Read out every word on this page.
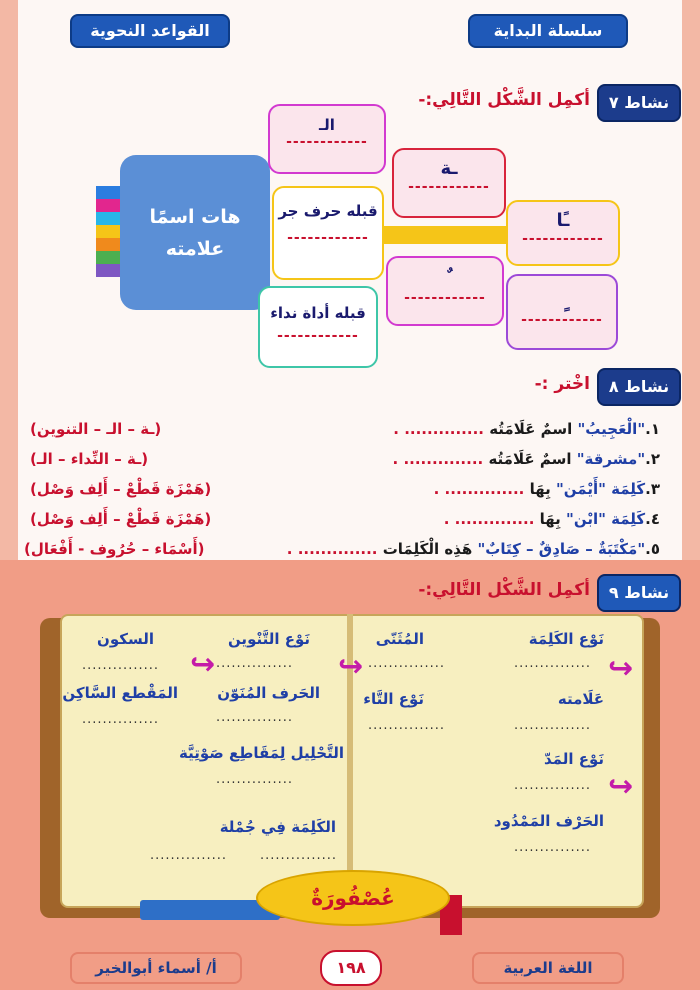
سلسلة البداية
القواعد النحوية
نشاط ٧
أكمِل الشَّكْل التَّالِي:-
هات اسمًا علامته
الـ
------------
قبله حرف جر
------------
قبله أداة نداء
------------
ـة
------------
------------
ـًا
------------
------------
نشاط ٨
اخْتر :-
١."الْعَجِيبُ" اسمٌ عَلَامَتُه .............. .
(ـة – الـ – التنوين)
٢."مشرقة" اسمٌ عَلَامَتُه .............. .
(ـة – النِّداء – الـ)
٣.كَلِمَة "أَيْمَن" بِهَا .............. .
(هَمْزَة قَطْعْ – أَلِف وَصْل)
٤.كَلِمَة "ابْن" بِهَا .............. .
(هَمْزَة قَطْعْ – أَلِف وَصْل)
٥."مَكْتَبَةٌ – صَادِقٌ – كِتَابٌ" هَذِه الْكَلِمَات .............. .
(أَسْمَاء – حُرُوف - أَفْعَال)
نشاط ٩
أكمِل الشَّكْل التَّالِي:-
نَوْع الكَلِمَة
............... ↪
عَلَامته
...............
نَوْع المَدّ
............... ↪
الحَرْف المَمْدُود
...............
المُثَنّى
...............
↪
نَوْع التَّاء
...............
نَوْع التَّنْوين
...............
↪
الحَرف المُنَوّن
...............
التَّحْلِيل لِمَقَاطِع صَوْتِيَّة
...............
الكَلِمَة فِي جُمْلة
...............	...............
السكون
...............
المَقْطع السَّاكِن
...............
عُصْفُورَةٌ
اللغة العربية
١٩٨
أ/ أسماء أبوالخير
